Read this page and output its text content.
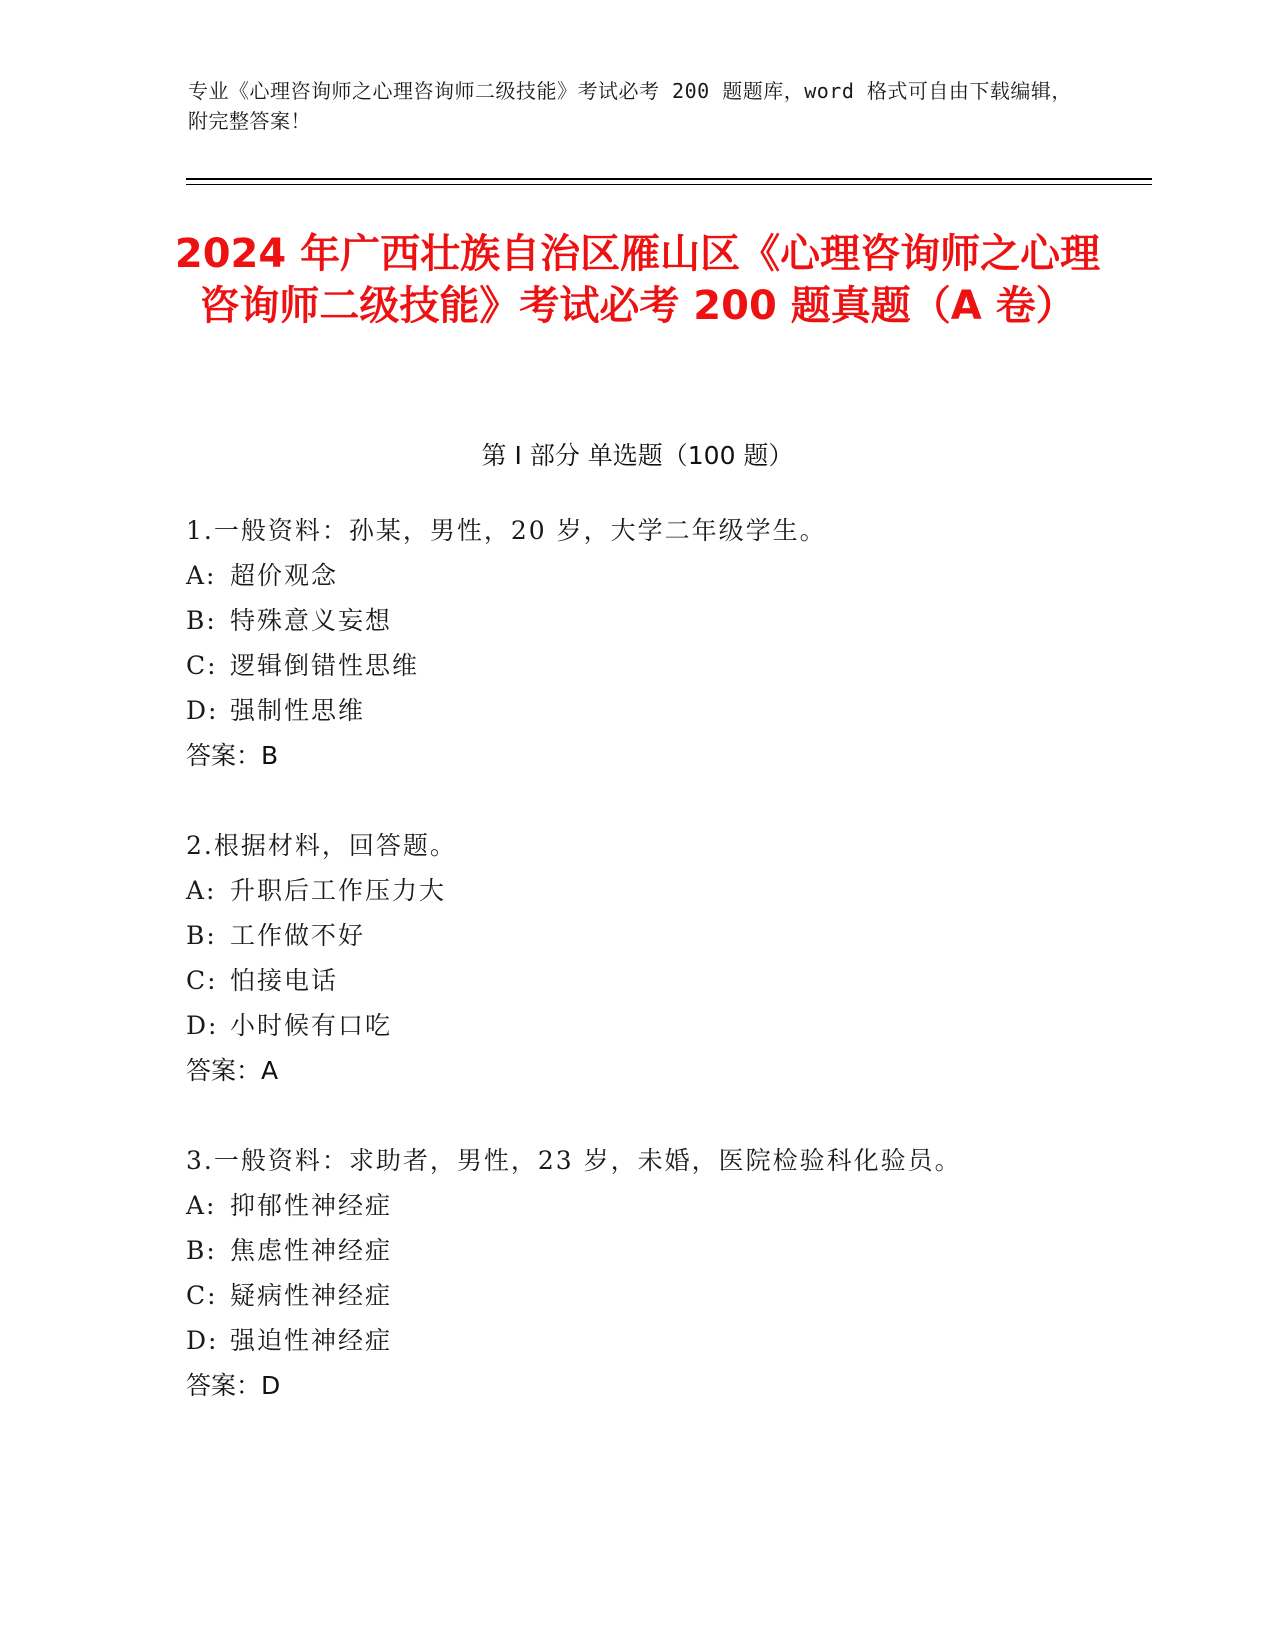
专业《心理咨询师之心理咨询师二级技能》考试必考 200 题题库，word 格式可自由下载编辑，附完整答案！
2024 年广西壮族自治区雁山区《心理咨询师之心理咨询师二级技能》考试必考 200 题真题（A 卷）
第 I 部分 单选题（100 题）
1.一般资料：孙某，男性，20 岁，大学二年级学生。
A: 超价观念
B: 特殊意义妄想
C: 逻辑倒错性思维
D: 强制性思维
答案：B
2.根据材料，回答题。
A: 升职后工作压力大
B: 工作做不好
C: 怕接电话
D: 小时候有口吃
答案：A
3.一般资料：求助者，男性，23 岁，未婚，医院检验科化验员。
A: 抑郁性神经症
B: 焦虑性神经症
C: 疑病性神经症
D: 强迫性神经症
答案：D
